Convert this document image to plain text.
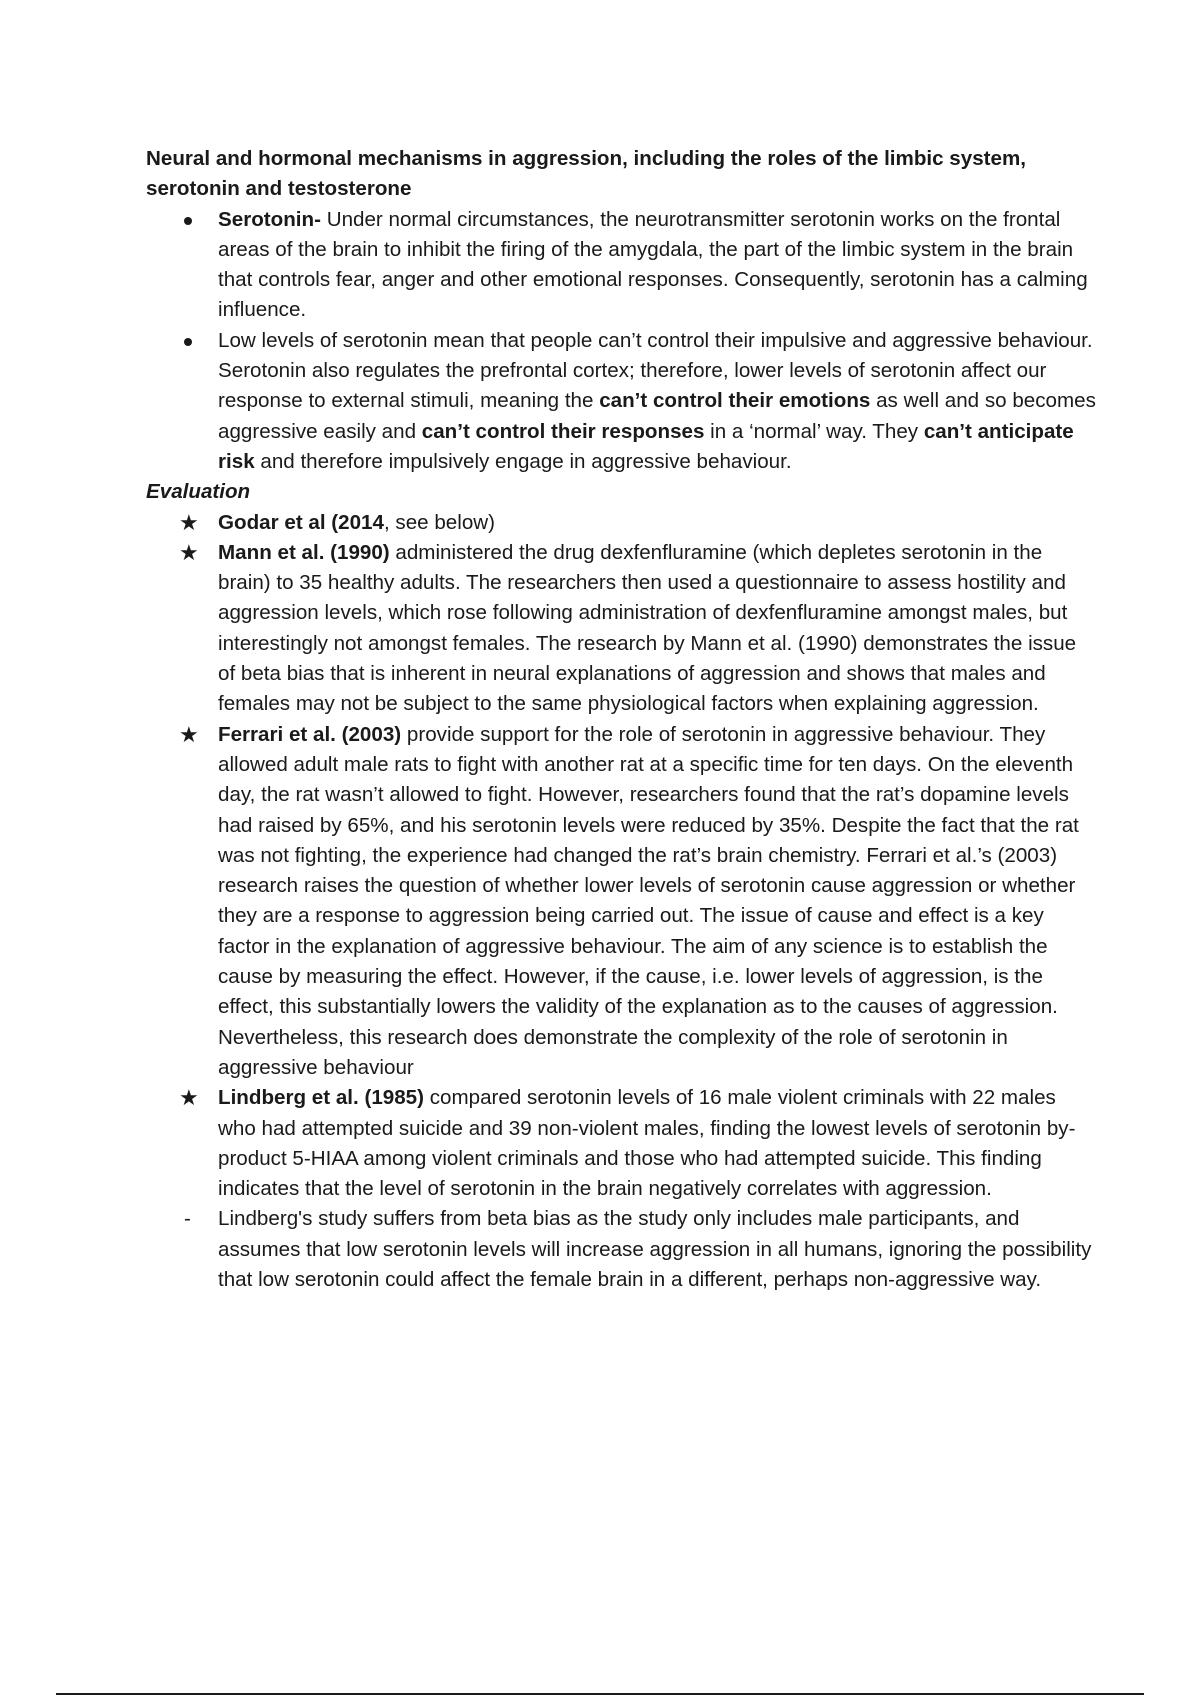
Neural and hormonal mechanisms in aggression, including the roles of the limbic system, serotonin and testosterone

Serotonin- Under normal circumstances, the neurotransmitter serotonin works on the frontal areas of the brain to inhibit the firing of the amygdala, the part of the limbic system in the brain that controls fear, anger and other emotional responses. Consequently, serotonin has a calming influence.
Low levels of serotonin mean that people can’t control their impulsive and aggressive behaviour. Serotonin also regulates the prefrontal cortex; therefore, lower levels of serotonin affect our response to external stimuli, meaning the can’t control their emotions as well and so becomes aggressive easily and can’t control their responses in a ‘normal’ way. They can’t anticipate risk and therefore impulsively engage in aggressive behaviour.

Evaluation

★ Godar et al (2014, see below)
★ Mann et al. (1990) administered the drug dexfenfluramine (which depletes serotonin in the brain) to 35 healthy adults. The researchers then used a questionnaire to assess hostility and aggression levels, which rose following administration of dexfenfluramine amongst males, but interestingly not amongst females. The research by Mann et al. (1990) demonstrates the issue of beta bias that is inherent in neural explanations of aggression and shows that males and females may not be subject to the same physiological factors when explaining aggression.
★ Ferrari et al. (2003) provide support for the role of serotonin in aggressive behaviour. They allowed adult male rats to fight with another rat at a specific time for ten days. On the eleventh day, the rat wasn’t allowed to fight. However, researchers found that the rat’s dopamine levels had raised by 65%, and his serotonin levels were reduced by 35%. Despite the fact that the rat was not fighting, the experience had changed the rat’s brain chemistry. Ferrari et al.’s (2003) research raises the question of whether lower levels of serotonin cause aggression or whether they are a response to aggression being carried out. The issue of cause and effect is a key factor in the explanation of aggressive behaviour. The aim of any science is to establish the cause by measuring the effect. However, if the cause, i.e. lower levels of aggression, is the effect, this substantially lowers the validity of the explanation as to the causes of aggression. Nevertheless, this research does demonstrate the complexity of the role of serotonin in aggressive behaviour
★ Lindberg et al. (1985) compared serotonin levels of 16 male violent criminals with 22 males who had attempted suicide and 39 non-violent males, finding the lowest levels of serotonin by-product 5-HIAA among violent criminals and those who had attempted suicide. This finding indicates that the level of serotonin in the brain negatively correlates with aggression.
-	Lindberg's study suffers from beta bias as the study only includes male participants, and assumes that low serotonin levels will increase aggression in all humans, ignoring the possibility that low serotonin could affect the female brain in a different, perhaps non-aggressive way.
